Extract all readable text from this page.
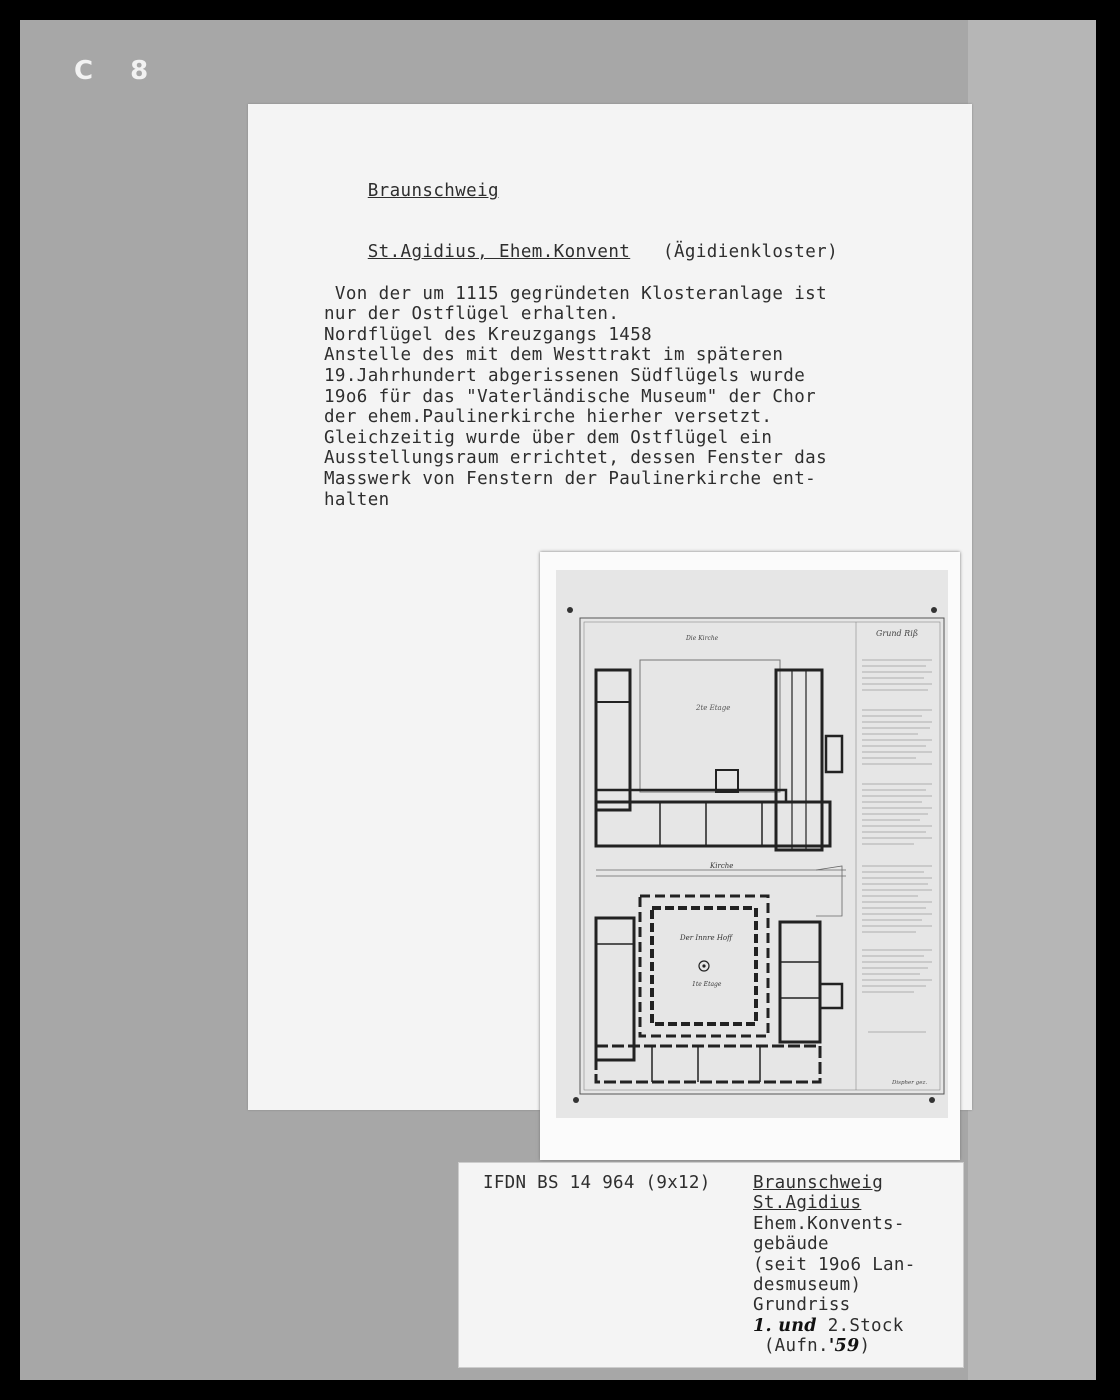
C 8

Braunschweig

St.Agidius, Ehem.Konvent (Ägidienkloster)

Von der um 1115 gegründeten Klosteranlage ist
nur der Ostflügel erhalten.
Nordflügel des Kreuzgangs 1458
Anstelle des mit dem Westtrakt im späteren
19.Jahrhundert abgerissenen Südflügels wurde
19o6 für das "Vaterländische Museum" der Chor
der ehem.Paulinerkirche hierher versetzt.
Gleichzeitig wurde über dem Ostflügel ein
Ausstellungsraum errichtet, dessen Fenster das
Masswerk von Fenstern der Paulinerkirche ent-
halten
Die Kirche
2te Etage
Kirche
Der Innre Hoff
1te Etage
Grund Riß
Dispher gez.
IFDN BS 14 964 (9x12) Braunschweig
St.Agidius
Ehem.Konvents-
gebäude
(seit 19o6 Lan-
desmuseum)
Grundriss
1. und 2.Stock
(Aufn.'59)
